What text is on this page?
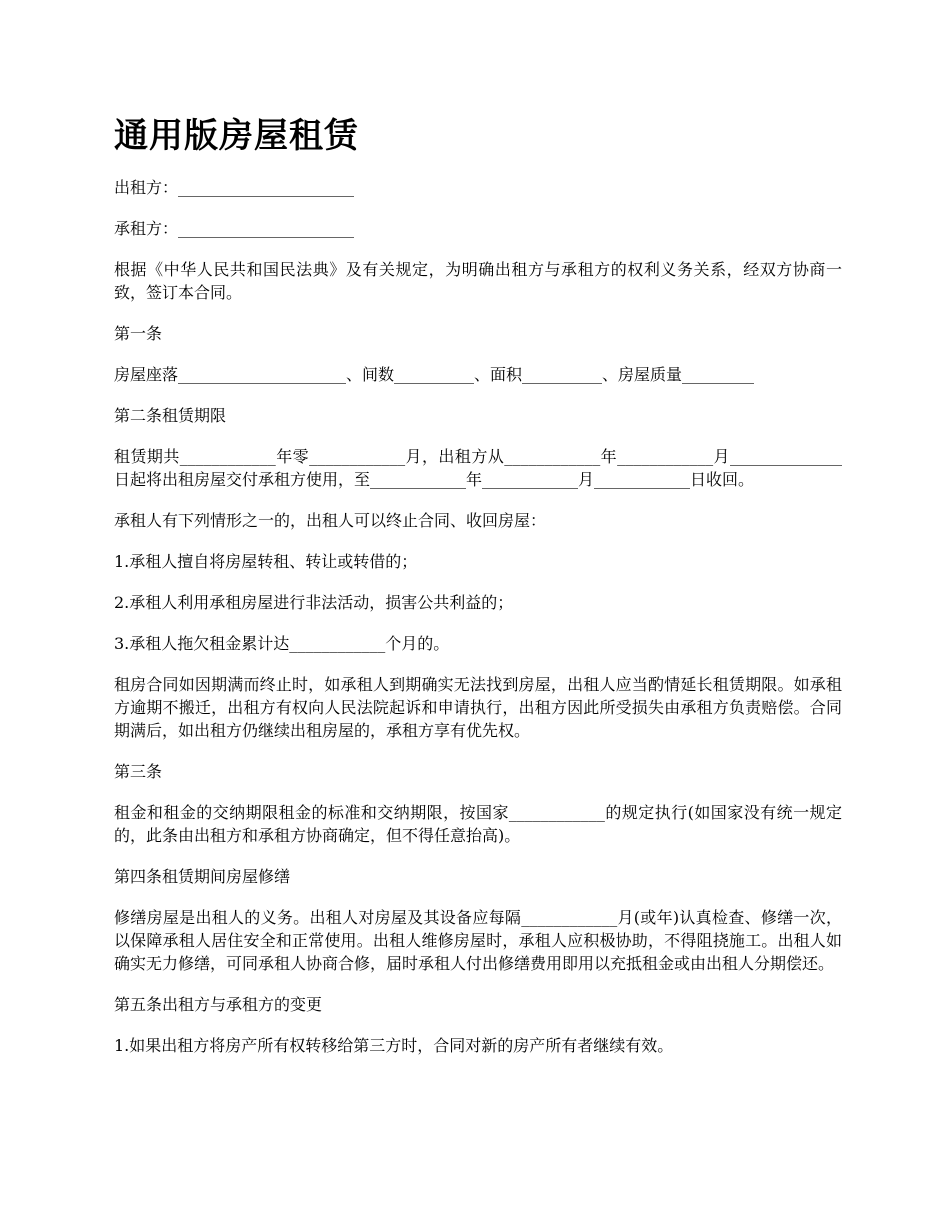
通用版房屋租赁

出租方：______________________

承租方：______________________

根据《中华人民共和国民法典》及有关规定，为明确出租方与承租方的权利义务关系，经双方协商一致，签订本合同。

第一条

房屋座落_____________________、间数__________、面积__________、房屋质量_________

第二条租赁期限

租赁期共____________年零____________月，出租方从____________年____________月______________日起将出租房屋交付承租方使用，至____________年____________月____________日收回。

承租人有下列情形之一的，出租人可以终止合同、收回房屋：

1.承租人擅自将房屋转租、转让或转借的；

2.承租人利用承租房屋进行非法活动，损害公共利益的；

3.承租人拖欠租金累计达____________个月的。

租房合同如因期满而终止时，如承租人到期确实无法找到房屋，出租人应当酌情延长租赁期限。如承租方逾期不搬迁，出租方有权向人民法院起诉和申请执行，出租方因此所受损失由承租方负责赔偿。合同期满后，如出租方仍继续出租房屋的，承租方享有优先权。

第三条

租金和租金的交纳期限租金的标准和交纳期限，按国家____________的规定执行(如国家没有统一规定的，此条由出租方和承租方协商确定，但不得任意抬高)。

第四条租赁期间房屋修缮

修缮房屋是出租人的义务。出租人对房屋及其设备应每隔____________月(或年)认真检查、修缮一次，以保障承租人居住安全和正常使用。出租人维修房屋时，承租人应积极协助，不得阻挠施工。出租人如确实无力修缮，可同承租人协商合修，届时承租人付出修缮费用即用以充抵租金或由出租人分期偿还。

第五条出租方与承租方的变更

1.如果出租方将房产所有权转移给第三方时，合同对新的房产所有者继续有效。
